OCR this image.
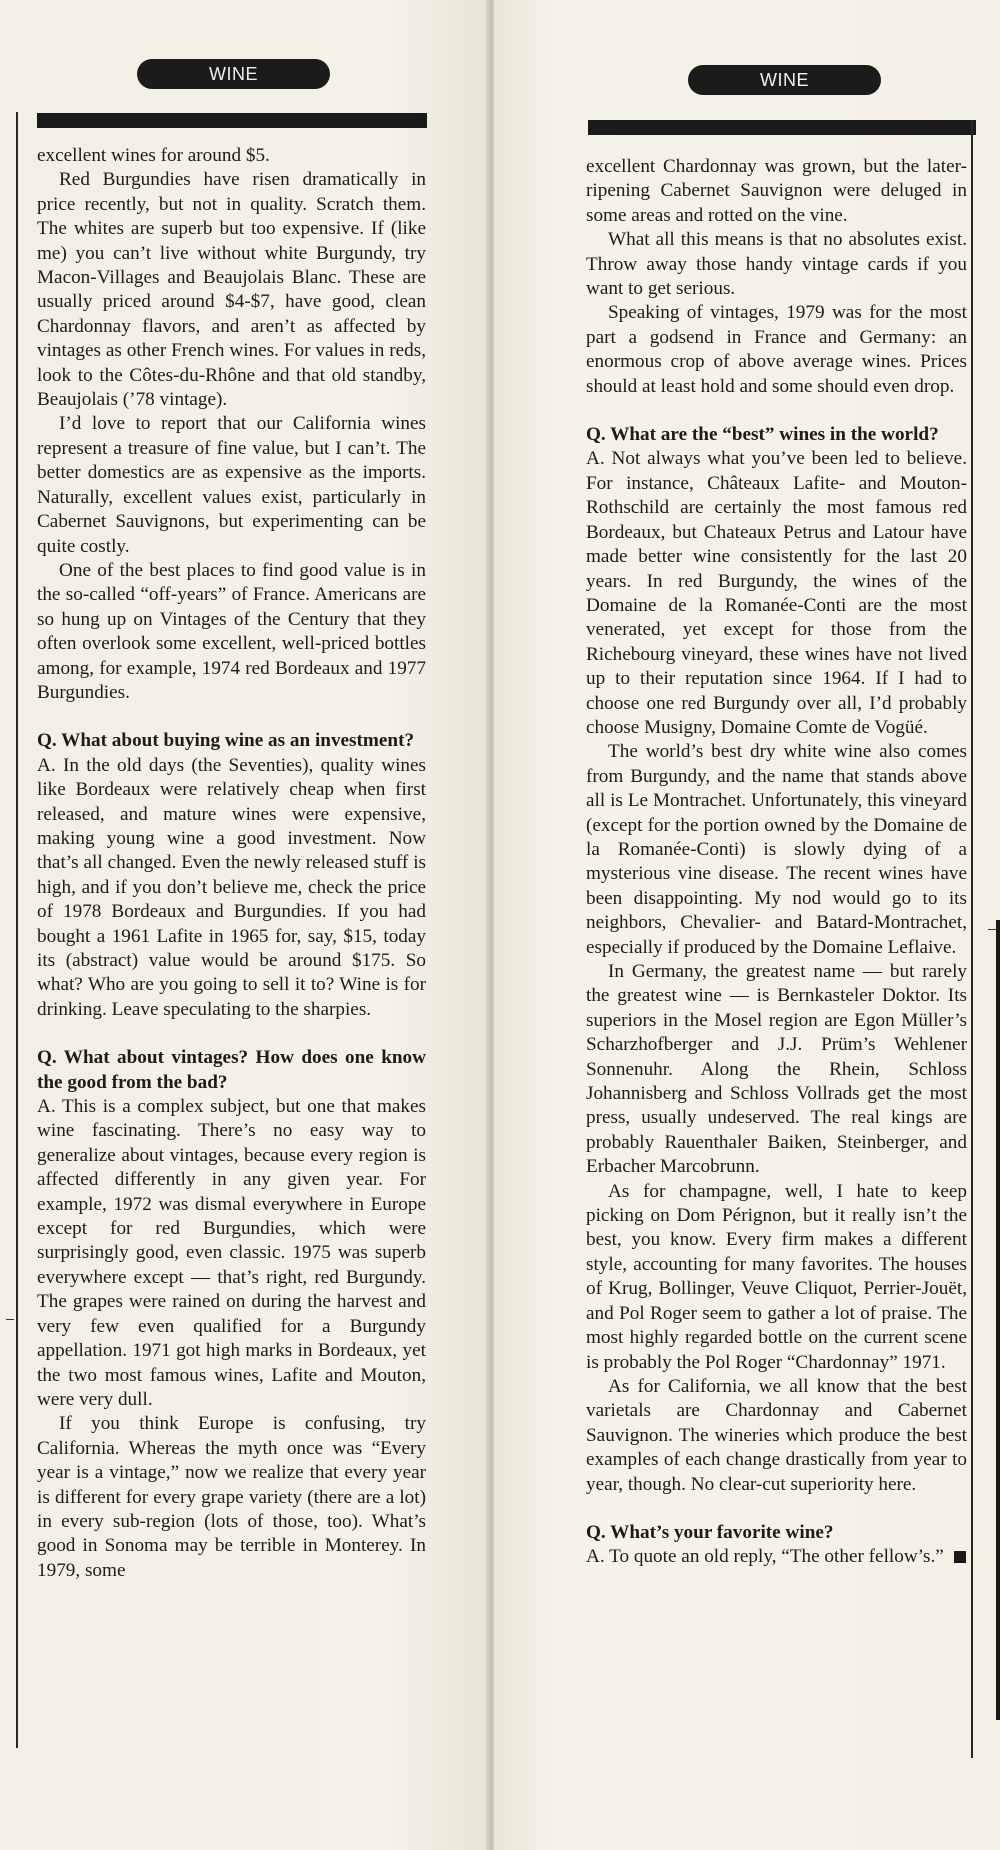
WINE

excellent wines for around $5.

Red Burgundies have risen dramatically in price recently, but not in quality. Scratch them. The whites are superb but too expensive. If (like me) you can’t live without white Burgundy, try Macon-Villages and Beaujolais Blanc. These are usually priced around $4-$7, have good, clean Chardonnay flavors, and aren’t as affected by vintages as other French wines. For values in reds, look to the Côtes-du-Rhône and that old standby, Beaujolais (’78 vintage).

I’d love to report that our California wines represent a treasure of fine value, but I can’t. The better domestics are as expensive as the imports. Naturally, excellent values exist, particularly in Cabernet Sauvignons, but experimenting can be quite costly.

One of the best places to find good value is in the so-called “off-years” of France. Americans are so hung up on Vintages of the Century that they often overlook some excellent, well-priced bottles among, for example, 1974 red Bordeaux and 1977 Burgundies.

Q. What about buying wine as an investment?

A. In the old days (the Seventies), quality wines like Bordeaux were relatively cheap when first released, and mature wines were expensive, making young wine a good investment. Now that’s all changed. Even the newly released stuff is high, and if you don’t believe me, check the price of 1978 Bordeaux and Burgundies. If you had bought a 1961 Lafite in 1965 for, say, $15, today its (abstract) value would be around $175. So what? Who are you going to sell it to? Wine is for drinking. Leave speculating to the sharpies.

Q. What about vintages? How does one know the good from the bad?

A. This is a complex subject, but one that makes wine fascinating. There’s no easy way to generalize about vintages, because every region is affected differently in any given year. For example, 1972 was dismal everywhere in Europe except for red Burgundies, which were surprisingly good, even classic. 1975 was superb everywhere except — that’s right, red Burgundy. The grapes were rained on during the harvest and very few even qualified for a Burgundy appellation. 1971 got high marks in Bordeaux, yet the two most famous wines, Lafite and Mouton, were very dull.

If you think Europe is confusing, try California. Whereas the myth once was “Every year is a vintage,” now we realize that every year is different for every grape variety (there are a lot) in every sub-region (lots of those, too). What’s good in Sonoma may be terrible in Monterey. In 1979, some

WINE

excellent Chardonnay was grown, but the later-ripening Cabernet Sauvignon were deluged in some areas and rotted on the vine.

What all this means is that no absolutes exist. Throw away those handy vintage cards if you want to get serious.

Speaking of vintages, 1979 was for the most part a godsend in France and Germany: an enormous crop of above average wines. Prices should at least hold and some should even drop.

Q. What are the “best” wines in the world?

A. Not always what you’ve been led to believe. For instance, Châteaux Lafite- and Mouton-Rothschild are certainly the most famous red Bordeaux, but Chateaux Petrus and Latour have made better wine consistently for the last 20 years. In red Burgundy, the wines of the Domaine de la Romanée-Conti are the most venerated, yet except for those from the Richebourg vineyard, these wines have not lived up to their reputation since 1964. If I had to choose one red Burgundy over all, I’d probably choose Musigny, Domaine Comte de Vogüé.

The world’s best dry white wine also comes from Burgundy, and the name that stands above all is Le Montrachet. Unfortunately, this vineyard (except for the portion owned by the Domaine de la Romanée-Conti) is slowly dying of a mysterious vine disease. The recent wines have been disappointing. My nod would go to its neighbors, Chevalier- and Batard-Montrachet, especially if produced by the Domaine Leflaive.

In Germany, the greatest name — but rarely the greatest wine — is Bernkasteler Doktor. Its superiors in the Mosel region are Egon Müller’s Scharzhofberger and J.J. Prüm’s Wehlener Sonnenuhr. Along the Rhein, Schloss Johannisberg and Schloss Vollrads get the most press, usually undeserved. The real kings are probably Rauenthaler Baiken, Steinberger, and Erbacher Marcobrunn.

As for champagne, well, I hate to keep picking on Dom Pérignon, but it really isn’t the best, you know. Every firm makes a different style, accounting for many favorites. The houses of Krug, Bollinger, Veuve Cliquot, Perrier-Jouët, and Pol Roger seem to gather a lot of praise. The most highly regarded bottle on the current scene is probably the Pol Roger “Chardonnay” 1971.

As for California, we all know that the best varietals are Chardonnay and Cabernet Sauvignon. The wineries which produce the best examples of each change drastically from year to year, though. No clear-cut superiority here.

Q. What’s your favorite wine?

A. To quote an old reply, “The other fellow’s.”
